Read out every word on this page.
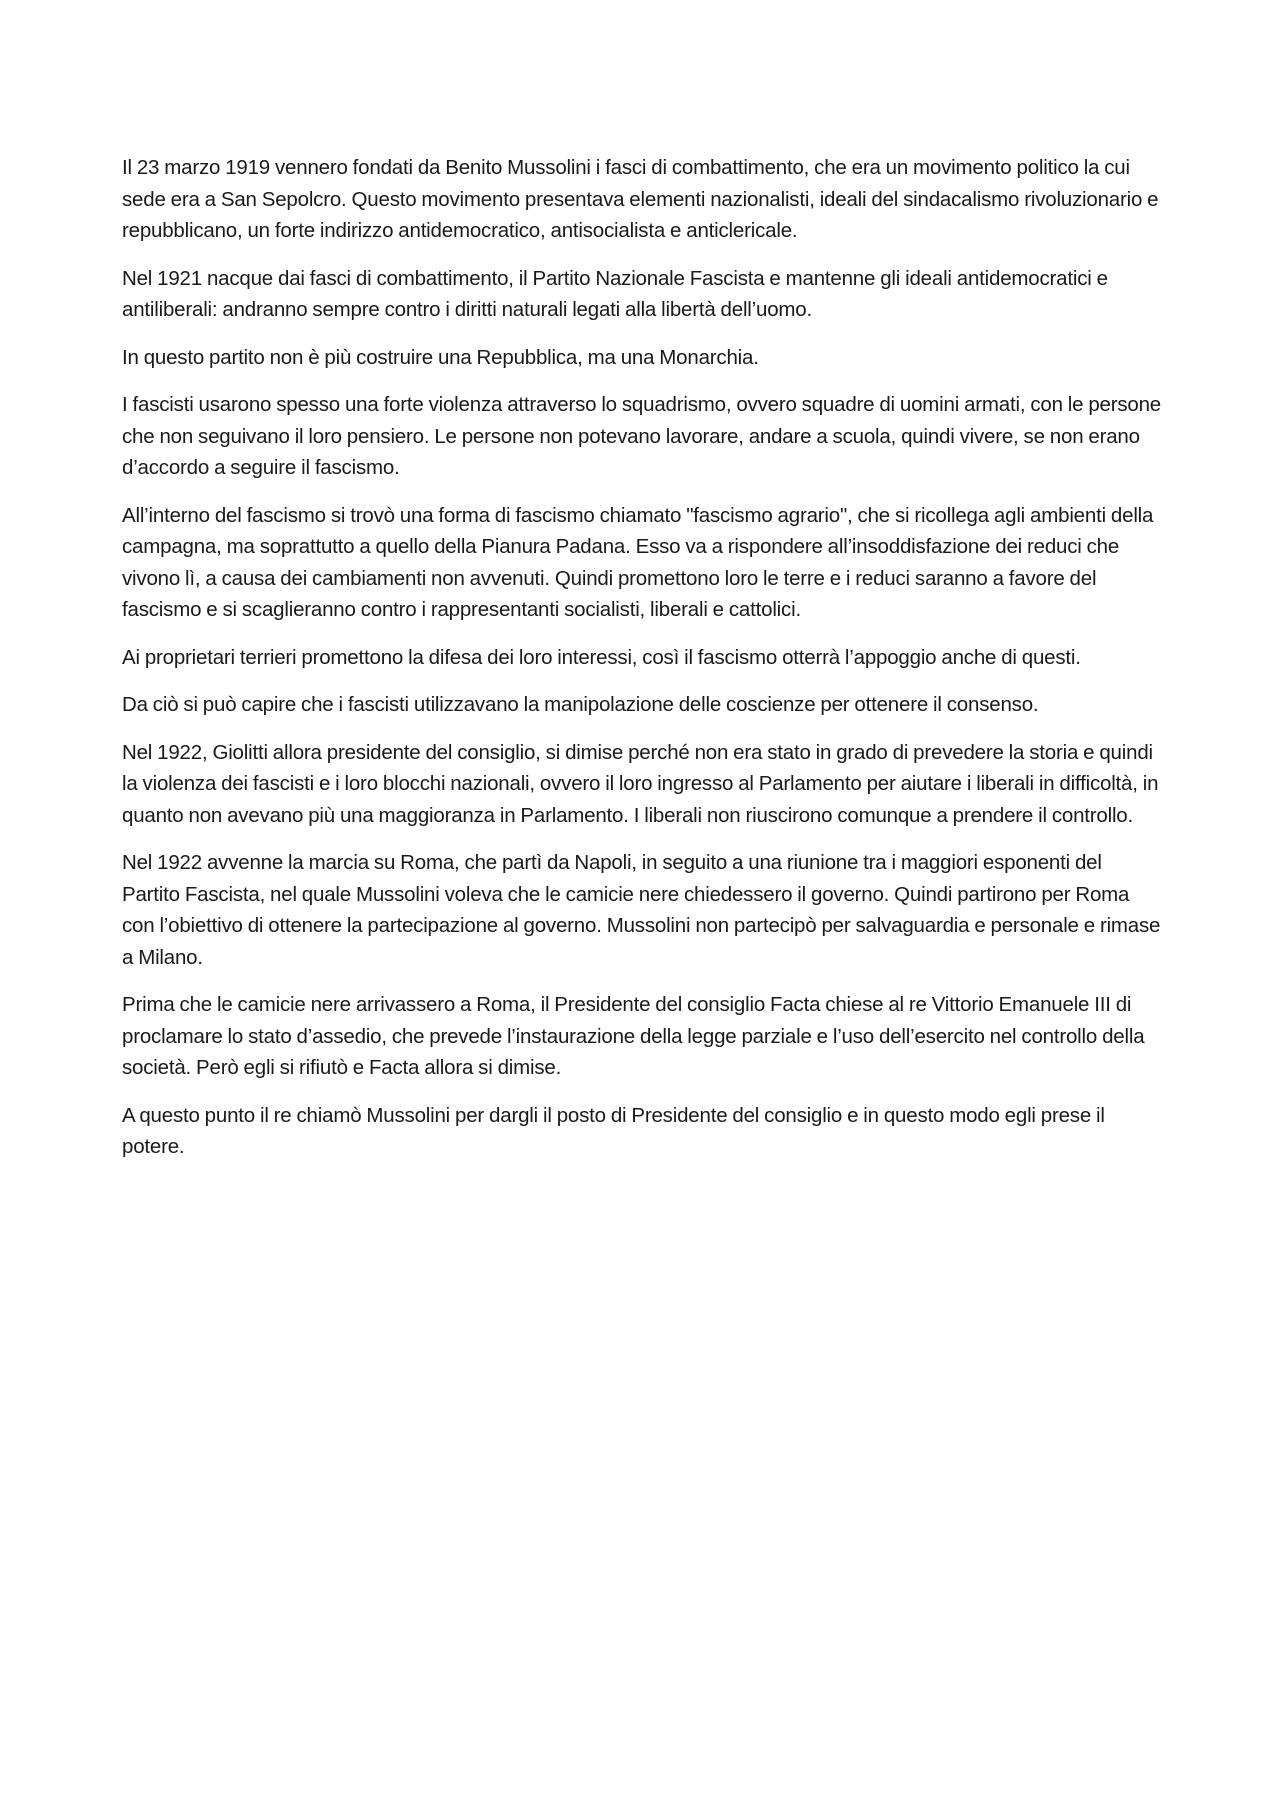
Il 23 marzo 1919 vennero fondati da Benito Mussolini i fasci di combattimento, che era un movimento politico la cui sede era a San Sepolcro. Questo movimento presentava elementi nazionalisti, ideali del sindacalismo rivoluzionario e repubblicano, un forte indirizzo antidemocratico, antisocialista e anticlericale.

Nel 1921 nacque dai fasci di combattimento, il Partito Nazionale Fascista e mantenne gli ideali antidemocratici e antiliberali: andranno sempre contro i diritti naturali legati alla libertà dell’uomo.

In questo partito non è più costruire una Repubblica, ma una Monarchia.

I fascisti usarono spesso una forte violenza attraverso lo squadrismo, ovvero squadre di uomini armati, con le persone che non seguivano il loro pensiero. Le persone non potevano lavorare, andare a scuola, quindi vivere, se non erano d’accordo a seguire il fascismo.

All’interno del fascismo si trovò una forma di fascismo chiamato "fascismo agrario", che si ricollega agli ambienti della campagna, ma soprattutto a quello della Pianura Padana. Esso va a rispondere all’insoddisfazione dei reduci che vivono lì, a causa dei cambiamenti non avvenuti. Quindi promettono loro le terre e i reduci saranno a favore del fascismo e si scaglieranno contro i rappresentanti socialisti, liberali e cattolici.

Ai proprietari terrieri promettono la difesa dei loro interessi, così il fascismo otterrà l’appoggio anche di questi.

Da ciò si può capire che i fascisti utilizzavano la manipolazione delle coscienze per ottenere il consenso.

Nel 1922, Giolitti allora presidente del consiglio, si dimise perché non era stato in grado di prevedere la storia e quindi la violenza dei fascisti e i loro blocchi nazionali, ovvero il loro ingresso al Parlamento per aiutare i liberali in difficoltà, in quanto non avevano più una maggioranza in Parlamento. I liberali non riuscirono comunque a prendere il controllo.

Nel 1922 avvenne la marcia su Roma, che partì da Napoli, in seguito a una riunione tra i maggiori esponenti del Partito Fascista, nel quale Mussolini voleva che le camicie nere chiedessero il governo. Quindi partirono per Roma con l’obiettivo di ottenere la partecipazione al governo. Mussolini non partecipò per salvaguardia e personale e rimase a Milano.

Prima che le camicie nere arrivassero a Roma, il Presidente del consiglio Facta chiese al re Vittorio Emanuele III di proclamare lo stato d’assedio, che prevede l’instaurazione della legge parziale e l’uso dell’esercito nel controllo della società. Però egli si rifiutò e Facta allora si dimise.

A questo punto il re chiamò Mussolini per dargli il posto di Presidente del consiglio e in questo modo egli prese il potere.
